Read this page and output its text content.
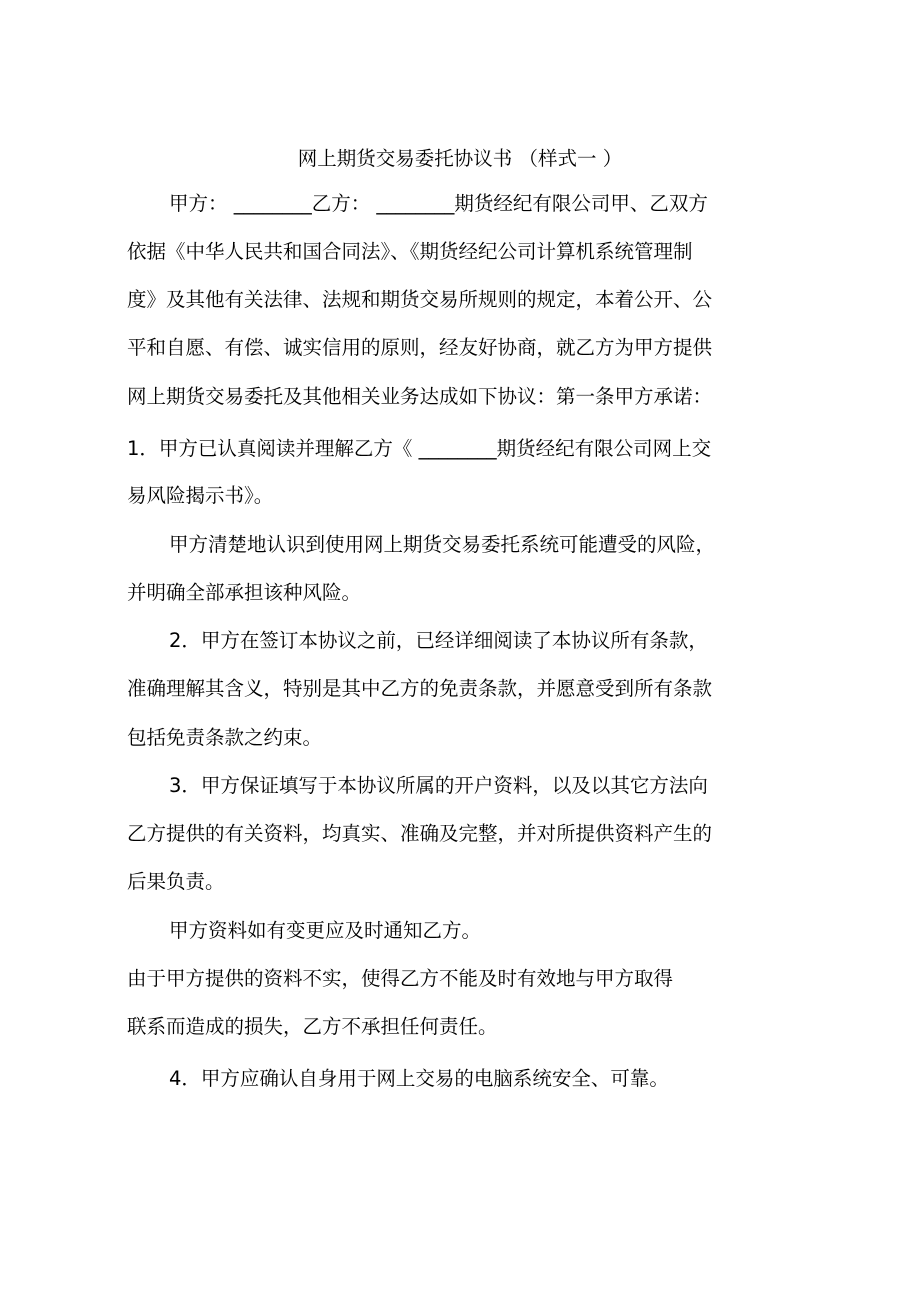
网上期货交易委托协议书 （样式一 ）
甲方： ________乙方： ________期货经纪有限公司甲、乙双方
依据《中华人民共和国合同法》、《期货经纪公司计算机系统管理制
度》及其他有关法律、法规和期货交易所规则的规定，本着公开、公
平和自愿、有偿、诚实信用的原则，经友好协商，就乙方为甲方提供
网上期货交易委托及其他相关业务达成如下协议：第一条甲方承诺：
1．甲方已认真阅读并理解乙方《 ________期货经纪有限公司网上交
易风险揭示书》。
甲方清楚地认识到使用网上期货交易委托系统可能遭受的风险，
并明确全部承担该种风险。
2．甲方在签订本协议之前，已经详细阅读了本协议所有条款，
准确理解其含义，特别是其中乙方的免责条款，并愿意受到所有条款
包括免责条款之约束。
3．甲方保证填写于本协议所属的开户资料，以及以其它方法向
乙方提供的有关资料，均真实、准确及完整，并对所提供资料产生的
后果负责。
甲方资料如有变更应及时通知乙方。
由于甲方提供的资料不实，使得乙方不能及时有效地与甲方取得
联系而造成的损失，乙方不承担任何责任。
4．甲方应确认自身用于网上交易的电脑系统安全、可靠。
